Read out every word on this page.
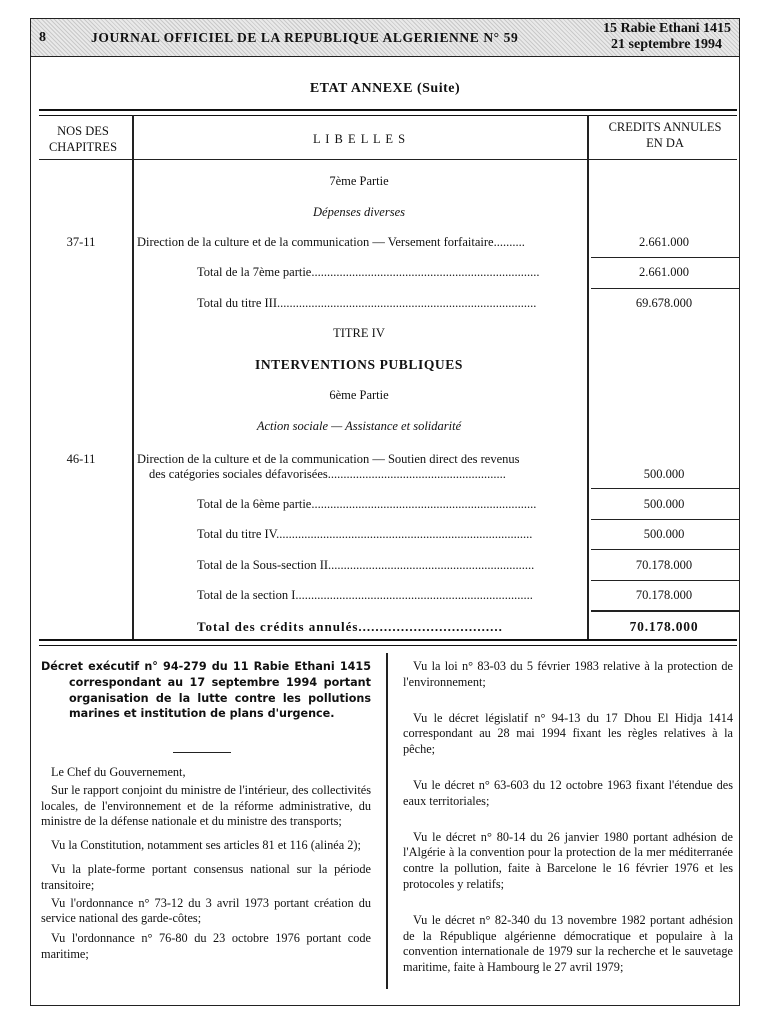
8	JOURNAL OFFICIEL DE LA REPUBLIQUE ALGERIENNE N° 59
15 Rabie Ethani 1415
21 septembre 1994
ETAT ANNEXE (Suite)
NOS DES
CHAPITRES
L I B E L L E S
CREDITS ANNULES
EN DA
7ème Partie
Dépenses diverses
37-11	Direction de la culture et de la communication — Versement forfaitaire..........	2.661.000
Total de la 7ème partie.........................................................................	2.661.000
Total du titre III...................................................................................	69.678.000
TITRE IV
INTERVENTIONS PUBLIQUES
6ème Partie
Action sociale — Assistance et solidarité
46-11	Direction de la culture et de la communication — Soutien direct des revenus
des catégories sociales défavorisées.........................................................	500.000
Total de la 6ème partie........................................................................	500.000
Total du titre IV..................................................................................	500.000
Total de la Sous-section II..................................................................	70.178.000
Total de la section I............................................................................	70.178.000
Total des crédits annulés..................................	70.178.000

Décret exécutif n° 94-279 du 11 Rabie Ethani 1415 correspondant au 17 septembre 1994 portant organisation de la lutte contre les pollutions marines et institution de plans d'urgence.

Le Chef du Gouvernement,

Sur le rapport conjoint du ministre de l'intérieur, des collectivités locales, de l'environnement et de la réforme administrative, du ministre de la défense nationale et du ministre des transports;

Vu la Constitution, notamment ses articles 81 et 116 (alinéa 2);

Vu la plate-forme portant consensus national sur la période transitoire;

Vu l'ordonnance n° 73-12 du 3 avril 1973 portant création du service national des garde-côtes;

Vu l'ordonnance n° 76-80 du 23 octobre 1976 portant code maritime;

Vu la loi n° 83-03 du 5 février 1983 relative à la protection de l'environnement;

Vu le décret législatif n° 94-13 du 17 Dhou El Hidja 1414 correspondant au 28 mai 1994 fixant les règles relatives à la pêche;

Vu le décret n° 63-603 du 12 octobre 1963 fixant l'étendue des eaux territoriales;

Vu le décret n° 80-14 du 26 janvier 1980 portant adhésion de l'Algérie à la convention pour la protection de la mer méditerranée contre la pollution, faite à Barcelone le 16 février 1976 et les protocoles y relatifs;

Vu le décret n° 82-340 du 13 novembre 1982 portant adhésion de la République algérienne démocratique et populaire à la convention internationale de 1979 sur la recherche et le sauvetage maritime, faite à Hambourg le 27 avril 1979;
